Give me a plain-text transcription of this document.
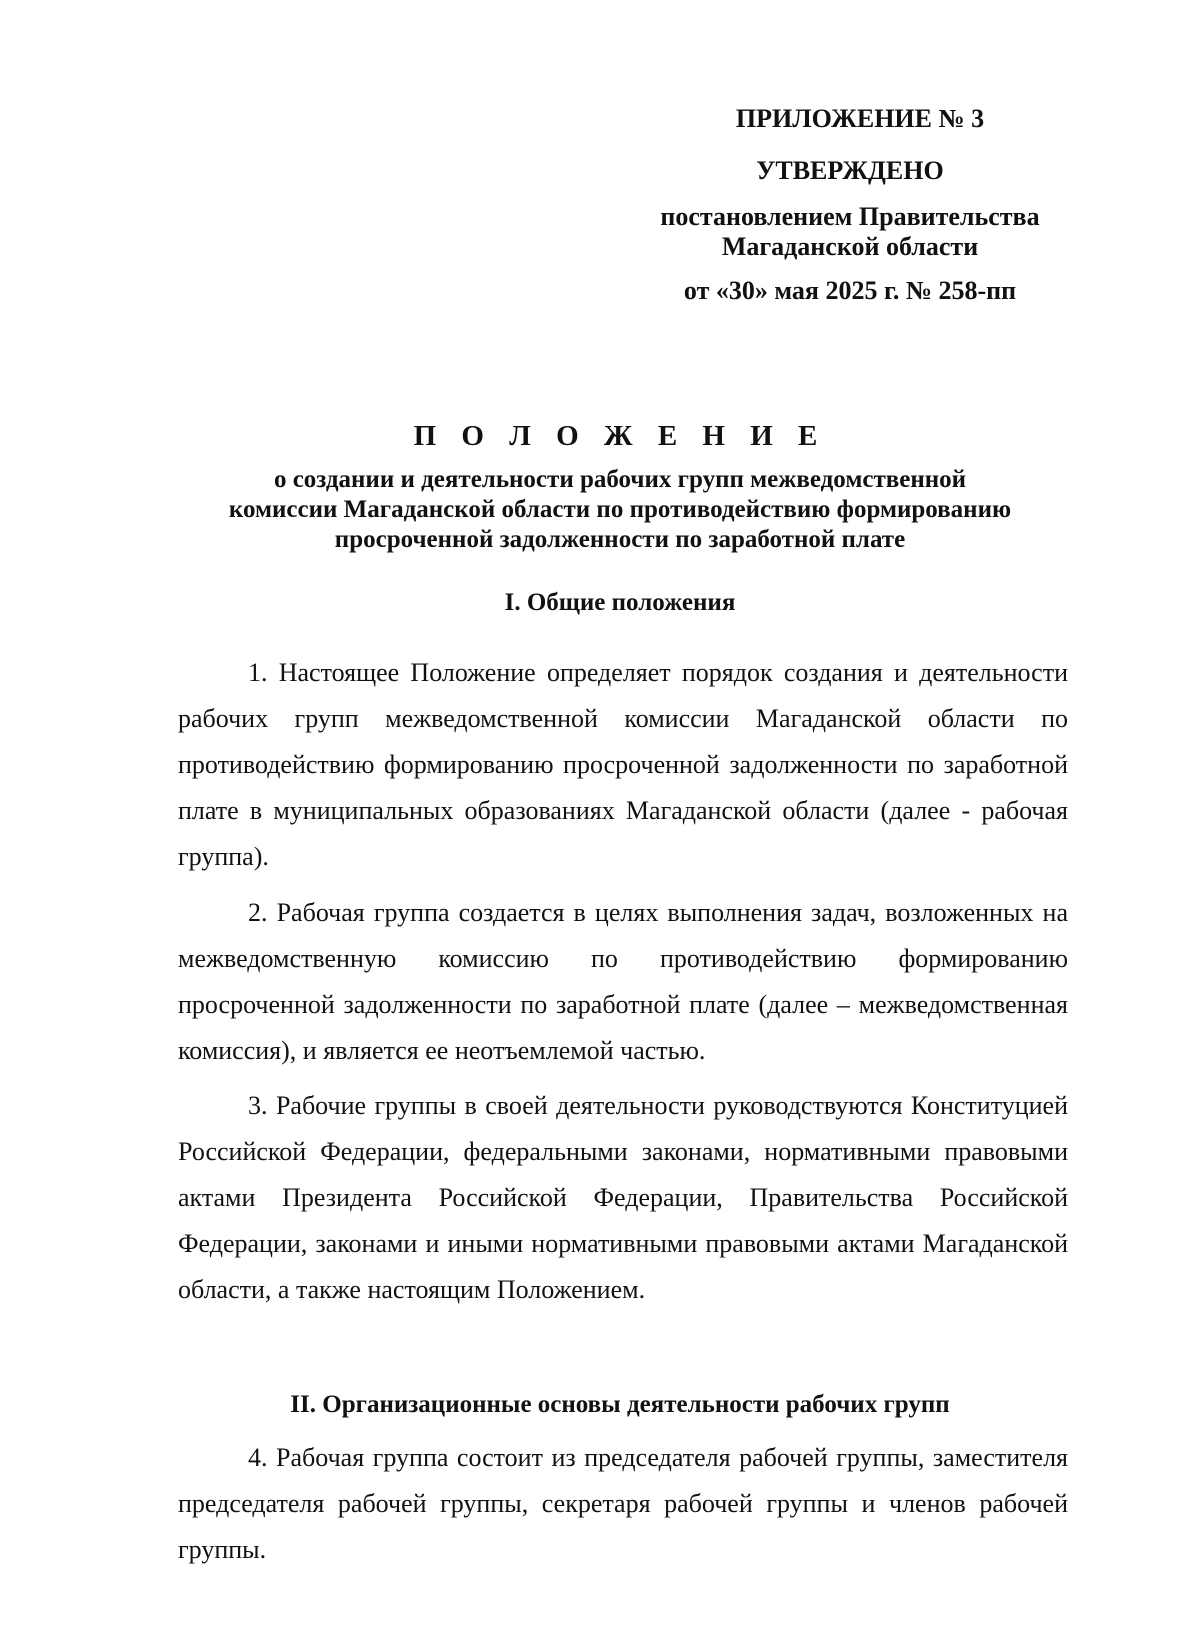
ПРИЛОЖЕНИЕ № 3
УТВЕРЖДЕНО
постановлением Правительства
Магаданской области
от «30» мая 2025 г. № 258-пп
П О Л О Ж Е Н И Е
о создании и деятельности рабочих групп межведомственной
комиссии Магаданской области по противодействию формированию
просроченной задолженности по заработной плате
I. Общие положения

1. Настоящее Положение определяет порядок создания и деятельности рабочих групп межведомственной комиссии Магаданской области по противодействию формированию просроченной задолженности по заработной плате в муниципальных образованиях Магаданской области (далее - рабочая группа).

2. Рабочая группа создается в целях выполнения задач, возложенных на межведомственную комиссию по противодействию формированию просроченной задолженности по заработной плате (далее – межведомственная комиссия), и является ее неотъемлемой частью.

3. Рабочие группы в своей деятельности руководствуются Конституцией Российской Федерации, федеральными законами, нормативными правовыми актами Президента Российской Федерации, Правительства Российской Федерации, законами и иными нормативными правовыми актами Магаданской области, а также настоящим Положением.

II. Организационные основы деятельности рабочих групп

4. Рабочая группа состоит из председателя рабочей группы, заместителя председателя рабочей группы, секретаря рабочей группы и членов рабочей группы.
